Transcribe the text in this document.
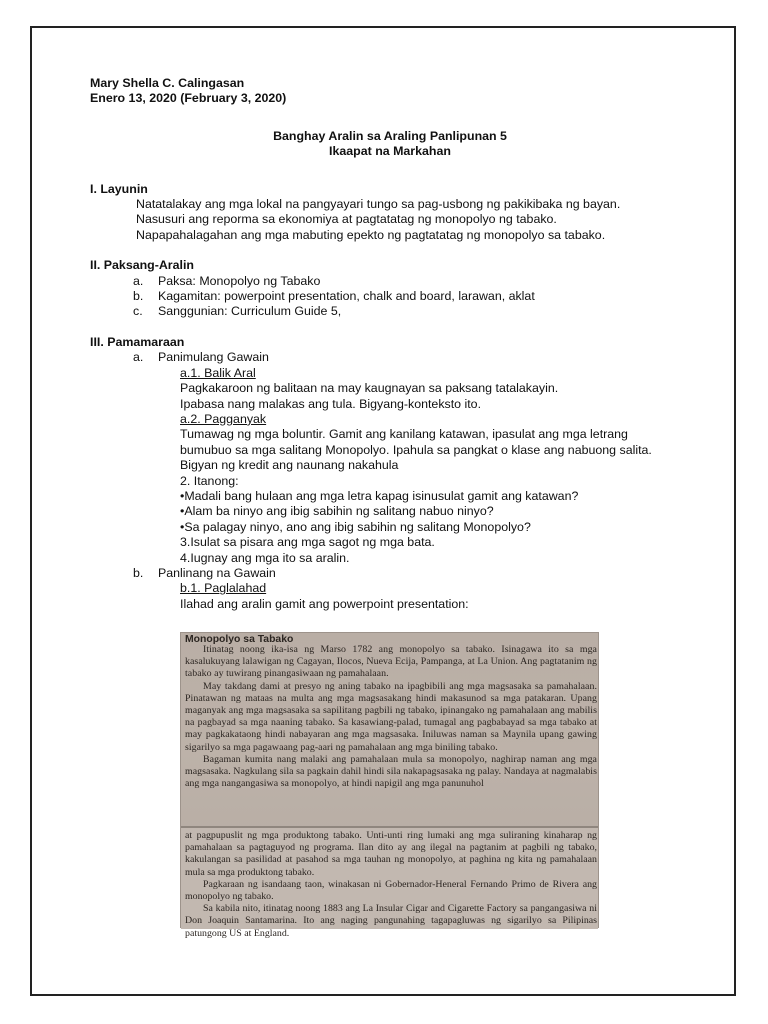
Mary Shella C. Calingasan
Enero 13, 2020 (February 3, 2020)
Banghay Aralin sa Araling Panlipunan 5
Ikaapat na Markahan
I. Layunin
Natatalakay ang mga lokal na pangyayari tungo sa pag-usbong ng pakikibaka ng bayan.
Nasusuri ang reporma sa ekonomiya at pagtatatag ng monopolyo ng tabako.
Napapahalagahan ang mga mabuting epekto ng pagtatatag ng monopolyo sa tabako.
II. Paksang-Aralin
a.	Paksa: Monopolyo ng Tabako
b.	Kagamitan: powerpoint presentation, chalk and board, larawan, aklat
c.	Sanggunian: Curriculum Guide 5,
III. Pamamaraan
a.	Panimulang Gawain
a.1. Balik Aral
Pagkakaroon ng balitaan na may kaugnayan sa paksang tatalakayin.
Ipabasa nang malakas ang tula. Bigyang-konteksto ito.
a.2. Pagganyak
Tumawag ng mga boluntir. Gamit ang kanilang katawan, ipasulat ang mga letrang
bumubuo sa mga salitang Monopolyo. Ipahula sa pangkat o klase ang nabuong salita.
Bigyan ng kredit ang naunang nakahula
2. Itanong:
•Madali bang hulaan ang mga letra kapag isinusulat gamit ang katawan?
•Alam ba ninyo ang ibig sabihin ng salitang nabuo ninyo?
•Sa palagay ninyo, ano ang ibig sabihin ng salitang Monopolyo?
3.Isulat sa pisara ang mga sagot ng mga bata.
4.Iugnay ang mga ito sa aralin.
b.	Panlinang na Gawain
b.1. Paglalahad
Ilahad ang aralin gamit ang powerpoint presentation:
Monopolyo sa Tabako

Itinatag noong ika-isa ng Marso 1782 ang monopolyo sa tabako. Isinagawa ito sa mga kasalukuyang lalawigan ng Cagayan, Ilocos, Nueva Ecija, Pampanga, at La Union. Ang pagtatanim ng tabako ay tuwirang pinangasiwaan ng pamahalaan.

May takdang dami at presyo ng aning tabako na ipagbibili ang mga magsasaka sa pamahalaan. Pinatawan ng mataas na multa ang mga magsasakang hindi makasunod sa mga patakaran. Upang maganyak ang mga magsasaka sa sapilitang pagbili ng tabako, ipinangako ng pamahalaan ang mabilis na pagbayad sa mga naaning tabako. Sa kasawiang-palad, tumagal ang pagbabayad sa mga tabako at may pagkakataong hindi nabayaran ang mga magsasaka. Iniluwas naman sa Maynila upang gawing sigarilyo sa mga pagawaang pag-aari ng pamahalaan ang mga biniling tabako.

Bagaman kumita nang malaki ang pamahalaan mula sa monopolyo, naghirap naman ang mga magsasaka. Nagkulang sila sa pagkain dahil hindi sila nakapagsasaka ng palay. Nandaya at nagmalabis ang mga nangangasiwa sa monopolyo, at hindi napigil ang mga panunuhol

at pagpupuslit ng mga produktong tabako. Unti-unti ring lumaki ang mga suliraning kinaharap ng pamahalaan sa pagtaguyod ng programa. Ilan dito ay ang ilegal na pagtanim at pagbili ng tabako, kakulangan sa pasilidad at pasahod sa mga tauhan ng monopolyo, at paghina ng kita ng pamahalaan mula sa mga produktong tabako.

Pagkaraan ng isandaang taon, winakasan ni Gobernador-Heneral Fernando Primo de Rivera ang monopolyo ng tabako.

Sa kabila nito, itinatag noong 1883 ang La Insular Cigar and Cigarette Factory sa pangangasiwa ni Don Joaquin Santamarina. Ito ang naging pangunahing tagapagluwas ng sigarilyo sa Pilipinas patungong US at England.
